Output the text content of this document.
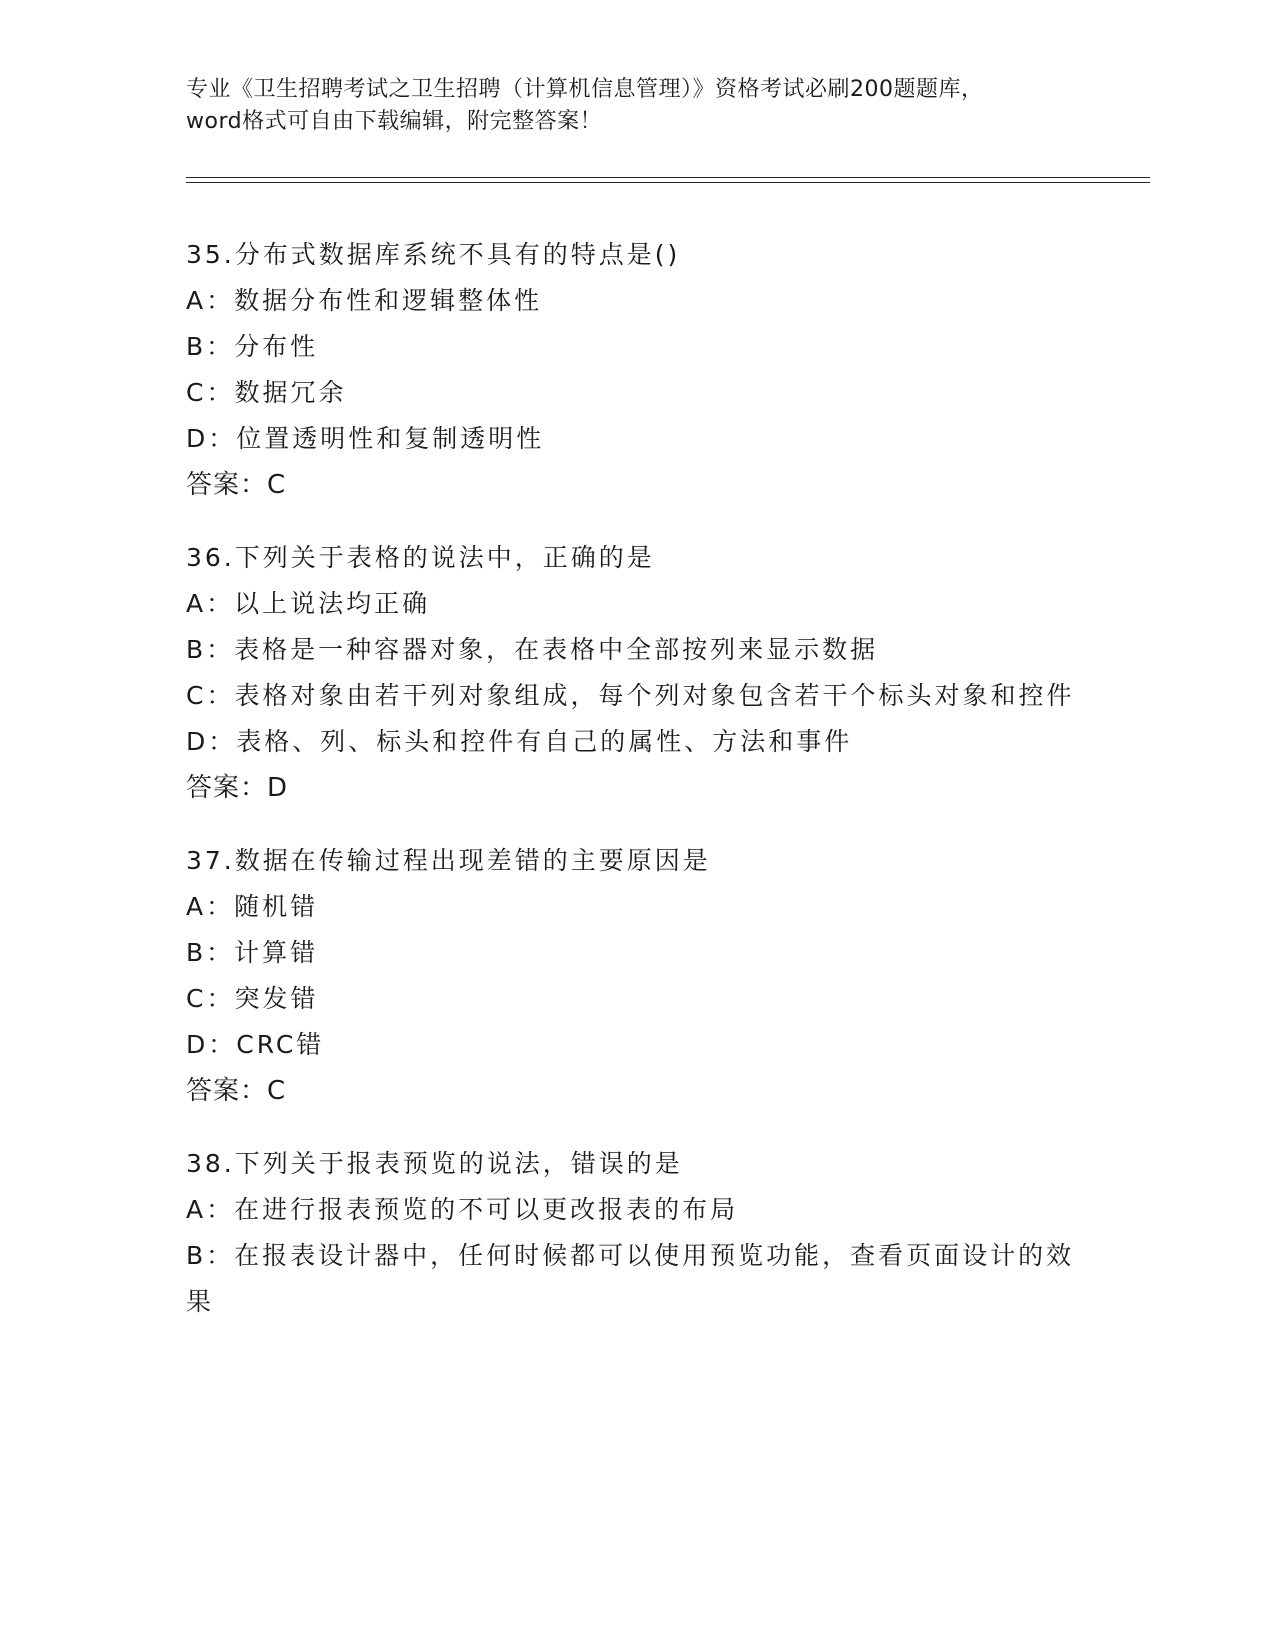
专业《卫生招聘考试之卫生招聘（计算机信息管理）》资格考试必刷200题题库，
word格式可自由下载编辑，附完整答案！
35.分布式数据库系统不具有的特点是()
A：数据分布性和逻辑整体性
B：分布性
C：数据冗余
D：位置透明性和复制透明性
答案：C
36.下列关于表格的说法中，正确的是
A：以上说法均正确
B：表格是一种容器对象，在表格中全部按列来显示数据
C：表格对象由若干列对象组成，每个列对象包含若干个标头对象和控件
D：表格、列、标头和控件有自己的属性、方法和事件
答案：D
37.数据在传输过程出现差错的主要原因是
A：随机错
B：计算错
C：突发错
D：CRC错
答案：C
38.下列关于报表预览的说法，错误的是
A：在进行报表预览的不可以更改报表的布局
B：在报表设计器中，任何时候都可以使用预览功能，查看页面设计的效果
